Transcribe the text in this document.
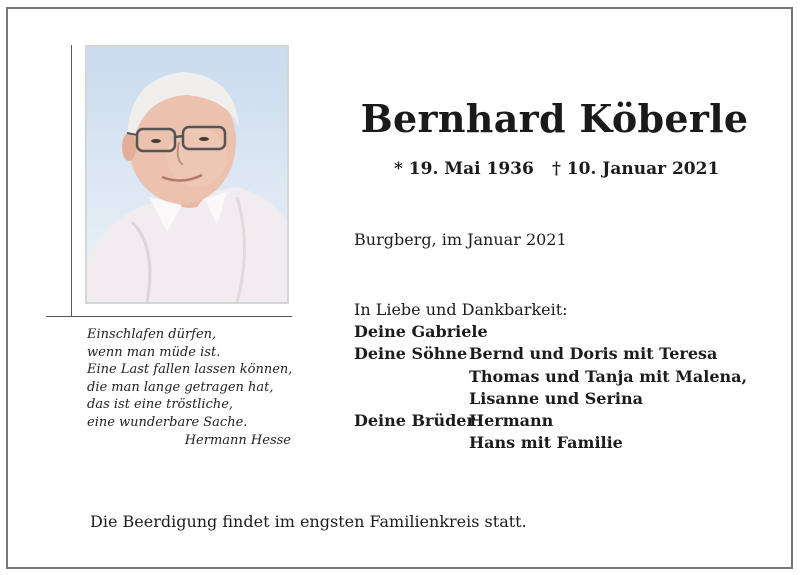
Einschlafen dürfen,
wenn man müde ist.
Eine Last fallen lassen können,
die man lange getragen hat,
das ist eine tröstliche,
eine wunderbare Sache.
Hermann Hesse
Bernhard Köberle
* 19. Mai 1936 † 10. Januar 2021
Burgberg, im Januar 2021
In Liebe und Dankbarkeit:
Deine Gabriele
Deine Söhne Bernd und Doris mit Teresa
Thomas und Tanja mit Malena,
Lisanne und Serina
Deine Brüder
Hermann
Hans mit Familie
Die Beerdigung findet im engsten Familienkreis statt.
